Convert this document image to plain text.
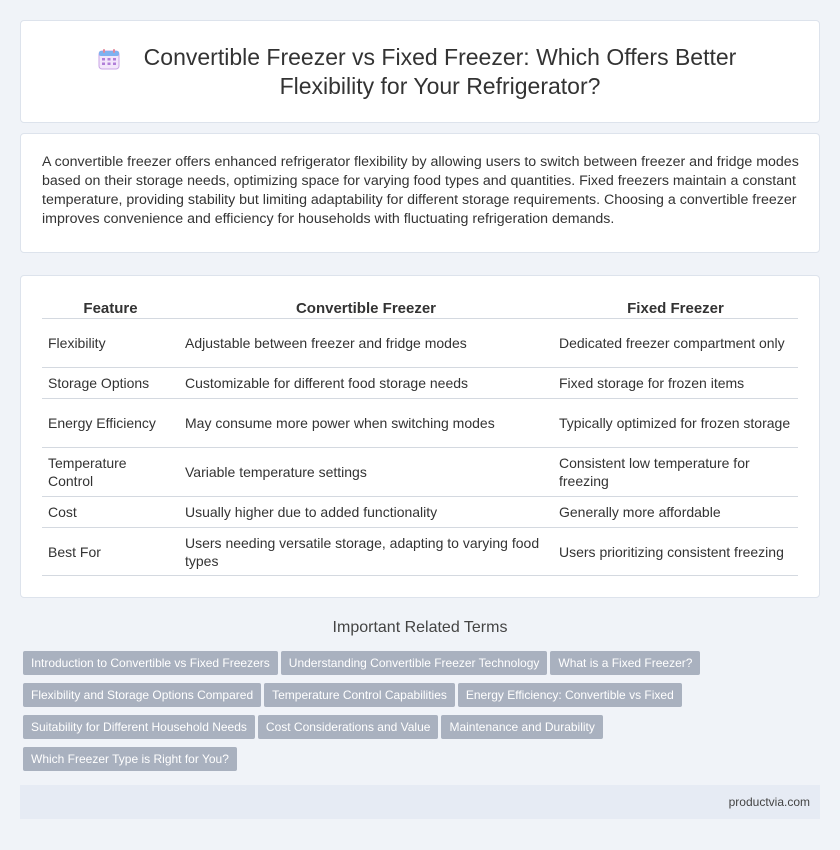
Convertible Freezer vs Fixed Freezer: Which Offers Better Flexibility for Your Refrigerator?

A convertible freezer offers enhanced refrigerator flexibility by allowing users to switch between freezer and fridge modes based on their storage needs, optimizing space for varying food types and quantities. Fixed freezers maintain a constant temperature, providing stability but limiting adaptability for different storage requirements. Choosing a convertible freezer improves convenience and efficiency for households with fluctuating refrigeration demands.

Feature	Convertible Freezer	Fixed Freezer
Flexibility	Adjustable between freezer and fridge modes	Dedicated freezer compartment only
Storage Options	Customizable for different food storage needs	Fixed storage for frozen items
Energy Efficiency	May consume more power when switching modes	Typically optimized for frozen storage
Temperature Control	Variable temperature settings	Consistent low temperature for freezing
Cost	Usually higher due to added functionality	Generally more affordable
Best For	Users needing versatile storage, adapting to varying food types	Users prioritizing consistent freezing
Important Related Terms
Introduction to Convertible vs Fixed Freezers Understanding Convertible Freezer Technology What is a Fixed Freezer?
Flexibility and Storage Options Compared Temperature Control Capabilities Energy Efficiency: Convertible vs Fixed
Suitability for Different Household Needs Cost Considerations and Value Maintenance and Durability
Which Freezer Type is Right for You?
productvia.com
